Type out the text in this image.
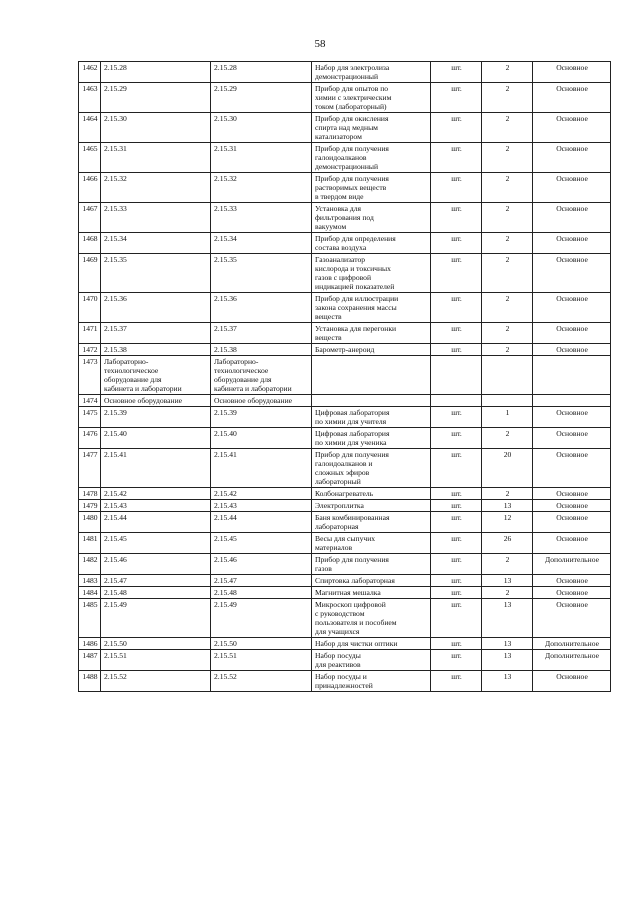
58
1462	2.15.28	2.15.28	Набор для электролиза
демонстрационный	шт.	2	Основное
1463	2.15.29	2.15.29	Прибор для опытов по
химии с электрическим
током (лабораторный)	шт.	2	Основное
1464	2.15.30	2.15.30	Прибор для окисления
спирта над медным
катализатором	шт.	2	Основное
1465	2.15.31	2.15.31	Прибор для получения
галоидоалканов
демонстрационный	шт.	2	Основное
1466	2.15.32	2.15.32	Прибор для получения
растворимых веществ
в твердом виде	шт.	2	Основное
1467	2.15.33	2.15.33	Установка для
фильтрования под
вакуумом	шт.	2	Основное
1468	2.15.34	2.15.34	Прибор для определения
состава воздуха	шт.	2	Основное
1469	2.15.35	2.15.35	Газоанализатор
кислорода и токсичных
газов с цифровой
индикацией показателей	шт.	2	Основное
1470	2.15.36	2.15.36	Прибор для иллюстрации
закона сохранения массы
веществ	шт.	2	Основное
1471	2.15.37	2.15.37	Установка для перегонки
веществ	шт.	2	Основное
1472	2.15.38	2.15.38	Барометр-анероид	шт.	2	Основное
1473	Лабораторно-
технологическое
оборудование для
кабинета и лаборатории	Лабораторно-
технологическое
оборудование для
кабинета и лаборатории				
1474	Основное оборудование	Основное оборудование				
1475	2.15.39	2.15.39	Цифровая лаборатория
по химии для учителя	шт.	1	Основное
1476	2.15.40	2.15.40	Цифровая лаборатория
по химии для ученика	шт.	2	Основное
1477	2.15.41	2.15.41	Прибор для получения
галоидоалканов и
сложных эфиров
лабораторный	шт.	20	Основное
1478	2.15.42	2.15.42	Колбонагреватель	шт.	2	Основное
1479	2.15.43	2.15.43	Электроплитка	шт.	13	Основное
1480	2.15.44	2.15.44	Баня комбинированная
лабораторная	шт.	12	Основное
1481	2.15.45	2.15.45	Весы для сыпучих
материалов	шт.	26	Основное
1482	2.15.46	2.15.46	Прибор для получения
газов	шт.	2	Дополнительное
1483	2.15.47	2.15.47	Спиртовка лабораторная	шт.	13	Основное
1484	2.15.48	2.15.48	Магнитная мешалка	шт.	2	Основное
1485	2.15.49	2.15.49	Микроскоп цифровой
с руководством
пользователя и пособием
для учащихся	шт.	13	Основное
1486	2.15.50	2.15.50	Набор для чистки оптики	шт.	13	Дополнительное
1487	2.15.51	2.15.51	Набор посуды
для реактивов	шт.	13	Дополнительное
1488	2.15.52	2.15.52	Набор посуды и
принадлежностей	шт.	13	Основное
